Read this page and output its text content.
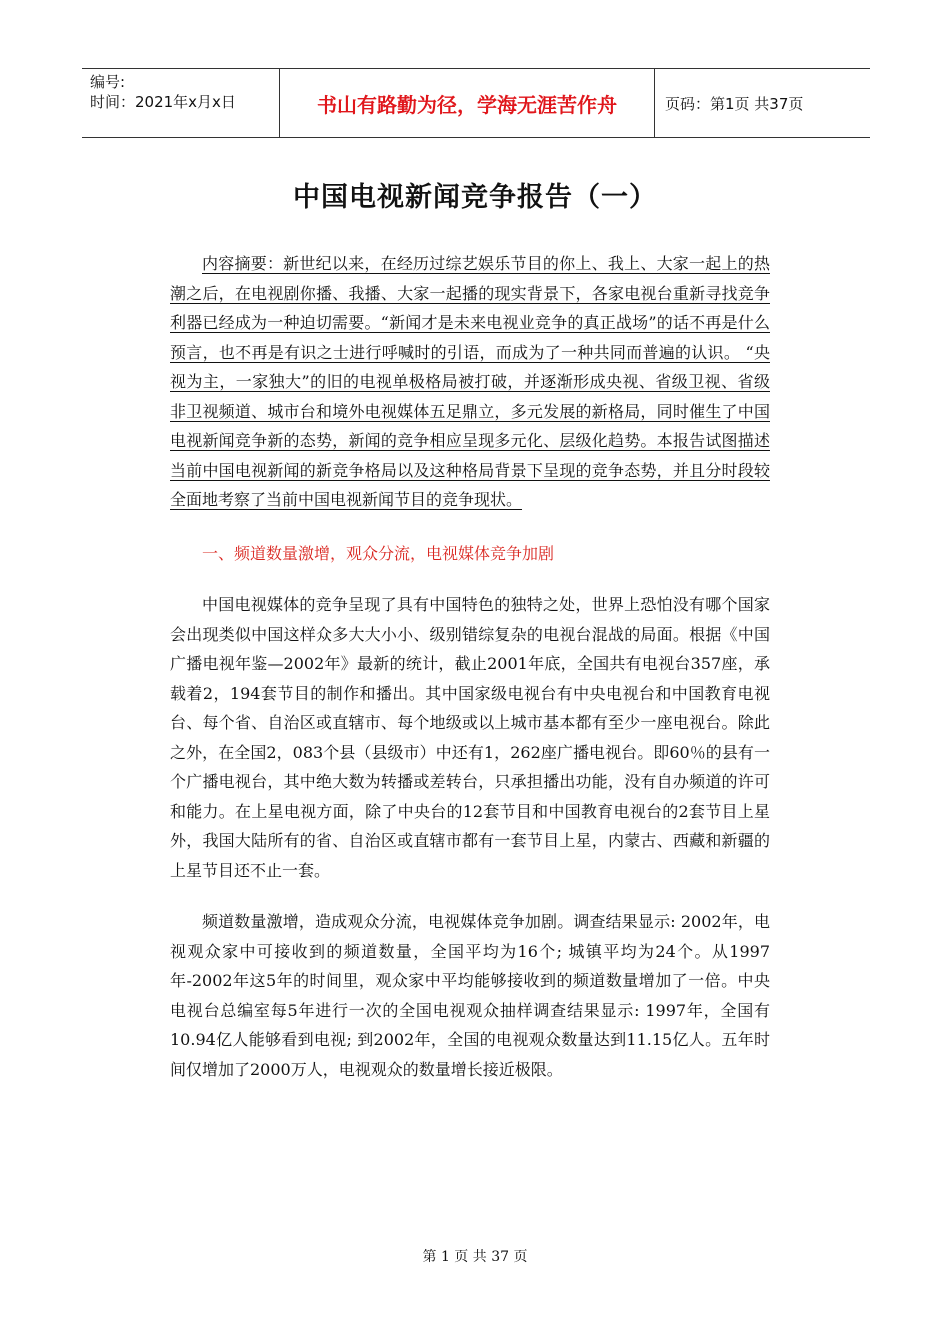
编号:
时间：2021年x月x日	书山有路勤为径，学海无涯苦作舟	页码：第1页 共37页
中国电视新闻竞争报告（一）

内容摘要：新世纪以来，在经历过综艺娱乐节目的你上、我上、大家一起上的热潮之后，在电视剧你播、我播、大家一起播的现实背景下，各家电视台重新寻找竞争利器已经成为一种迫切需要。“新闻才是未来电视业竞争的真正战场”的话不再是什么预言，也不再是有识之士进行呼喊时的引语，而成为了一种共同而普遍的认识。 “央视为主，一家独大”的旧的电视单极格局被打破，并逐渐形成央视、省级卫视、省级非卫视频道、城市台和境外电视媒体五足鼎立，多元发展的新格局，同时催生了中国电视新闻竞争新的态势，新闻的竞争相应呈现多元化、层级化趋势。本报告试图描述当前中国电视新闻的新竞争格局以及这种格局背景下呈现的竞争态势，并且分时段较全面地考察了当前中国电视新闻节目的竞争现状。

一、频道数量激增，观众分流，电视媒体竞争加剧

中国电视媒体的竞争呈现了具有中国特色的独特之处，世界上恐怕没有哪个国家会出现类似中国这样众多大大小小、级别错综复杂的电视台混战的局面。根据《中国广播电视年鉴—2002年》最新的统计，截止2001年底，全国共有电视台357座，承载着2，194套节目的制作和播出。其中国家级电视台有中央电视台和中国教育电视台、每个省、自治区或直辖市、每个地级或以上城市基本都有至少一座电视台。除此之外，在全国2，083个县（县级市）中还有1，262座广播电视台。即60％的县有一个广播电视台，其中绝大数为转播或差转台，只承担播出功能，没有自办频道的许可和能力。在上星电视方面，除了中央台的12套节目和中国教育电视台的2套节目上星外，我国大陆所有的省、自治区或直辖市都有一套节目上星，内蒙古、西藏和新疆的上星节目还不止一套。

频道数量激增，造成观众分流，电视媒体竞争加剧。调查结果显示: 2002年，电视观众家中可接收到的频道数量，全国平均为16个; 城镇平均为24个。从1997年-2002年这5年的时间里，观众家中平均能够接收到的频道数量增加了一倍。中央电视台总编室每5年进行一次的全国电视观众抽样调查结果显示: 1997年，全国有10.94亿人能够看到电视; 到2002年，全国的电视观众数量达到11.15亿人。五年时间仅增加了2000万人，电视观众的数量增长接近极限。

第 1 页 共 37 页
